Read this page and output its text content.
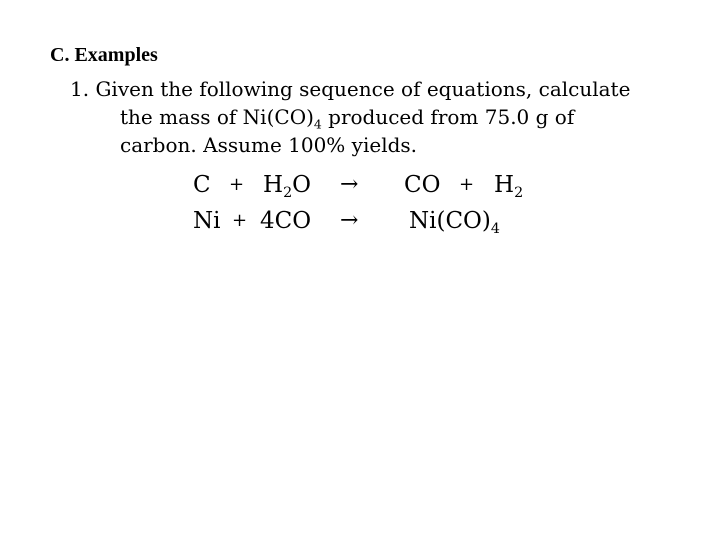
C. Examples
1. Given the following sequence of equations, calculate
the mass of $Ni(CO)_4$ produced from 75.0 g of
carbon. Assume 100% yields.
$C + H_2O$ → CO + $H_2$
$Ni + 4CO \to Ni(CO)_4$
